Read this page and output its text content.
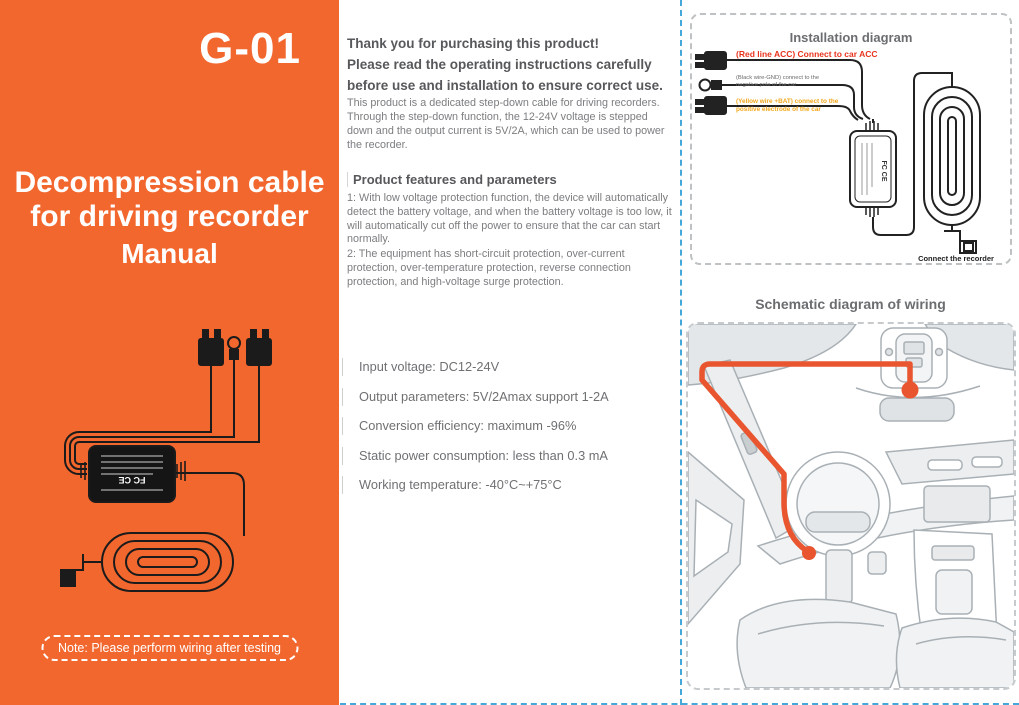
G-01
Decompression cable
for driving recorder
Manual
FC CE
Note: Please perform wiring after testing
Thank you for purchasing this product!
Please read the operating instructions carefully
before use and installation to ensure correct use.

This product is a dedicated step-down cable for driving recorders. Through the step-down function, the 12-24V voltage is stepped down and the output current is 5V/2A, which can be used to power the recorder.

Product features and parameters

1: With low voltage protection function, the device will automatically detect the battery voltage, and when the battery voltage is too low, it will automatically cut off the power to ensure that the car can start normally.

2: The equipment has short-circuit protection, over-current protection, over-temperature protection, reverse connection protection, and high-voltage surge protection.

Input voltage: DC12-24V
Output parameters: 5V/2Amax support 1-2A
Conversion efficiency: maximum -96%
Static power consumption: less than 0.3 mA
Working temperature: -40°C~+75°C
Installation diagram
FC CE
(Red line ACC) Connect to car ACC
(Black wire-GND) connect to the
negative pole of the car
(Yellow wire +BAT) connect to the
positive electrode of the car
Connect the recorder
Schematic diagram of wiring
